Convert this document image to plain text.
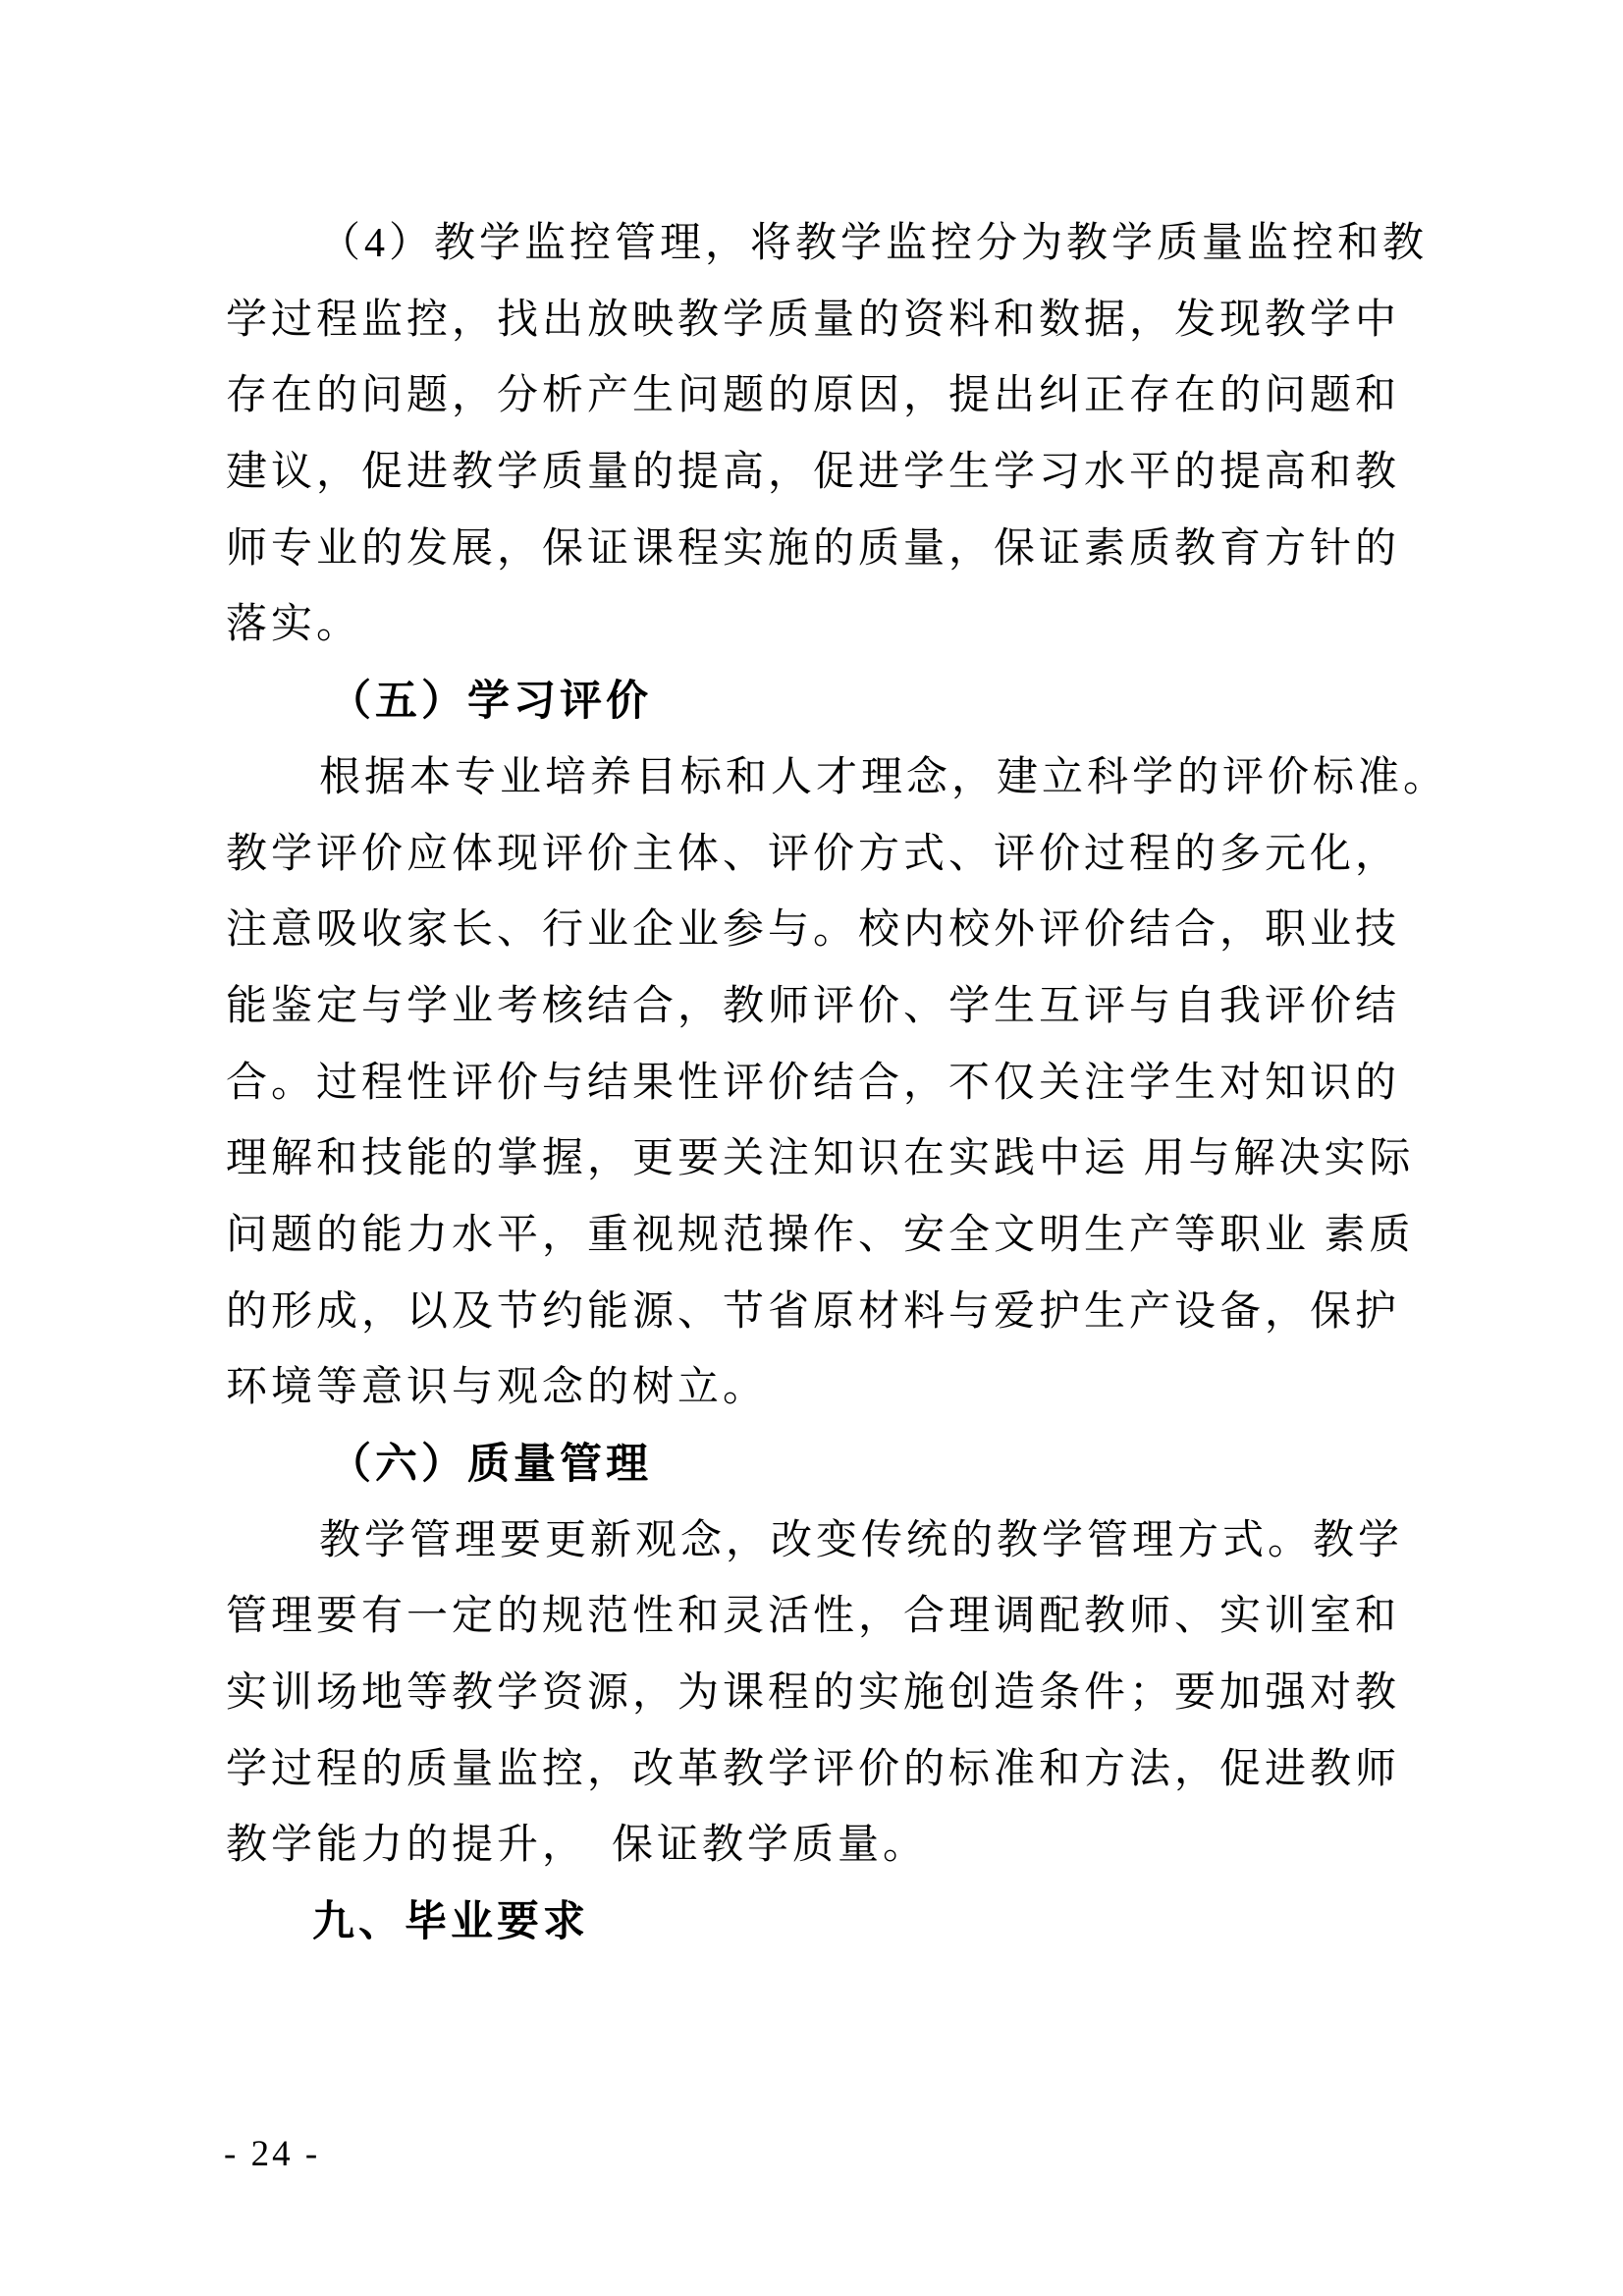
（4）教学监控管理，将教学监控分为教学质量监控和教
学过程监控，找出放映教学质量的资料和数据，发现教学中
存在的问题，分析产生问题的原因，提出纠正存在的问题和
建议，促进教学质量的提高，促进学生学习水平的提高和教
师专业的发展，保证课程实施的质量，保证素质教育方针的
落实。
（五）学习评价
根据本专业培养目标和人才理念，建立科学的评价标准。
教学评价应体现评价主体、评价方式、评价过程的多元化，
注意吸收家长、行业企业参与。校内校外评价结合，职业技
能鉴定与学业考核结合，教师评价、学生互评与自我评价结
合。过程性评价与结果性评价结合，不仅关注学生对知识的
理解和技能的掌握，更要关注知识在实践中运 用与解决实际
问题的能力水平，重视规范操作、安全文明生产等职业 素质
的形成，以及节约能源、节省原材料与爱护生产设备，保护
环境等意识与观念的树立。
（六）质量管理
教学管理要更新观念，改变传统的教学管理方式。教学
管理要有一定的规范性和灵活性，合理调配教师、实训室和
实训场地等教学资源，为课程的实施创造条件；要加强对教
学过程的质量监控，改革教学评价的标准和方法，促进教师
教学能力的提升，　保证教学质量。
九、毕业要求
- 24 -
